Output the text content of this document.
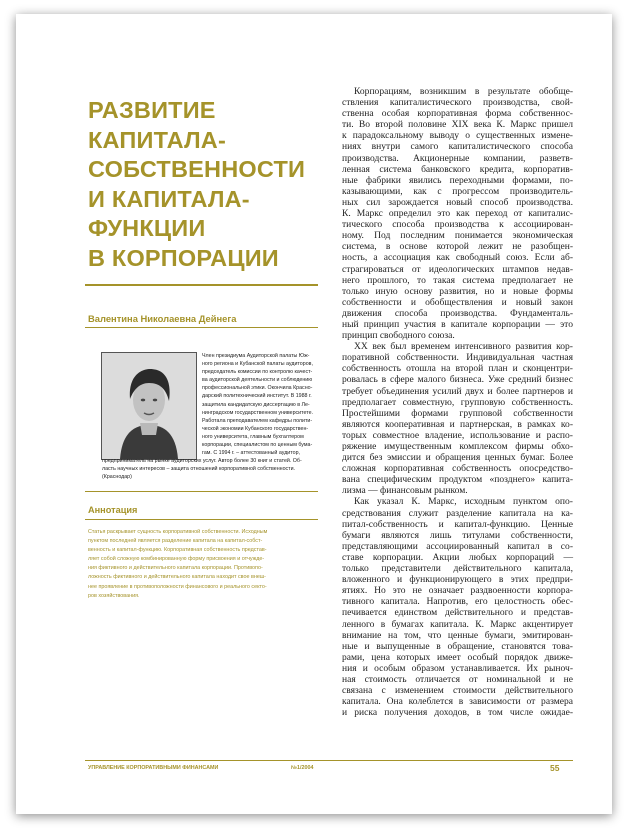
РАЗВИТИЕ
КАПИТАЛА-
СОБСТВЕННОСТИ
И КАПИТАЛА-
ФУНКЦИИ
В КОРПОРАЦИИ
Валентина Николаевна Дейнега
Член президиума Аудиторской палаты Юж-
ного региона и Кубанской палаты аудиторов,
председатель комиссии по контролю качест-
ва аудиторской деятельности и соблюдению
профессиональной этики. Окончила Красно-
дарский политехнический институт. В 1988 г.
защитила кандидатскую диссертацию в Ле-
нинградском государственном университете.
Работала преподавателем кафедры полити-
ческой экономии Кубанского государствен-
ного университета, главным бухгалтером
корпорации, специалистом по ценным бума-
гам. С 1994 г. – аттестованный аудитор,
предприниматель на рынке аудиторских услуг. Автор более 30 книг и статей. Об-
ласть научных интересов – защита отношений корпоративной собственности.
(Краснодар)
Аннотация
Статья раскрывает сущность корпоративной собственности. Исходным
пунктом последней является разделение капитала на капитал-собст-
венность и капитал-функцию. Корпоративная собственность представ-
ляет собой сложную комбинированную форму присвоения и отчужде-
ния фиктивного и действительного капитала корпорации. Противопо-
ложность фиктивного и действительного капитала находит свое внеш-
нее проявление в противоположности финансового и реального секто-
ров хозяйствования.
Корпорациям, возникшим в результате обобще-
ствления капиталистического производства, свой-
ственна особая корпоративная форма собственнос-
ти. Во второй половине XIX века К. Маркс пришел
к парадоксальному выводу о существенных измене-
ниях внутри самого капиталистического способа
производства. Акционерные компании, разветв-
ленная система банковского кредита, корпоратив-
ные фабрики явились переходными формами, по-
казывающими, как с прогрессом производитель-
ных сил зарождается новый способ производства.
К. Маркс определил это как переход от капиталис-
тического способа производства к ассоциирован-
ному. Под последним понимается экономическая
система, в основе которой лежит не разобщен-
ность, а ассоциация как свободный союз. Если аб-
страгироваться от идеологических штампов недав-
него прошлого, то такая система предполагает не
только иную основу развития, но и новые формы
собственности и обобществления и новый закон
движения способа производства. Фундаменталь-
ный принцип участия в капитале корпорации — это
принцип свободного союза.
XX век был временем интенсивного развития кор-
поративной собственности. Индивидуальная частная
собственность отошла на второй план и сконцентри-
ровалась в сфере малого бизнеса. Уже средний бизнес
требует объединения усилий двух и более партнеров и
предполагает совместную, групповую собственность.
Простейшими формами групповой собственности
являются кооперативная и партнерская, в рамках ко-
торых совместное владение, использование и распо-
ряжение имущественным комплексом фирмы обхо-
дится без эмиссии и обращения ценных бумаг. Более
сложная корпоративная собственность опосредство-
вана специфическим продуктом «позднего» капита-
лизма — финансовым рынком.
Как указал К. Маркс, исходным пунктом опо-
средствования служит разделение капитала на ка-
питал-собственность и капитал-функцию. Ценные
бумаги являются лишь титулами собственности,
представляющими ассоциированный капитал в со-
ставе корпорации. Акции любых корпораций —
только представители действительного капитала,
вложенного и функционирующего в этих предпри-
ятиях. Но это не означает раздвоенности корпора-
тивного капитала. Напротив, его целостность обес-
печивается единством действительного и представ-
ленного в бумагах капитала. К. Маркс акцентирует
внимание на том, что ценные бумаги, эмитирован-
ные и выпущенные в обращение, становятся това-
рами, цена которых имеет особый порядок движе-
ния и особым образом устанавливается. Их рыноч-
ная стоимость отличается от номинальной и не
связана с изменением стоимости действительного
капитала. Она колеблется в зависимости от размера
и риска получения доходов, в том числе ожидае-
УПРАВЛЕНИЕ КОРПОРАТИВНЫМИ ФИНАНСАМИ	№1/2004	55
